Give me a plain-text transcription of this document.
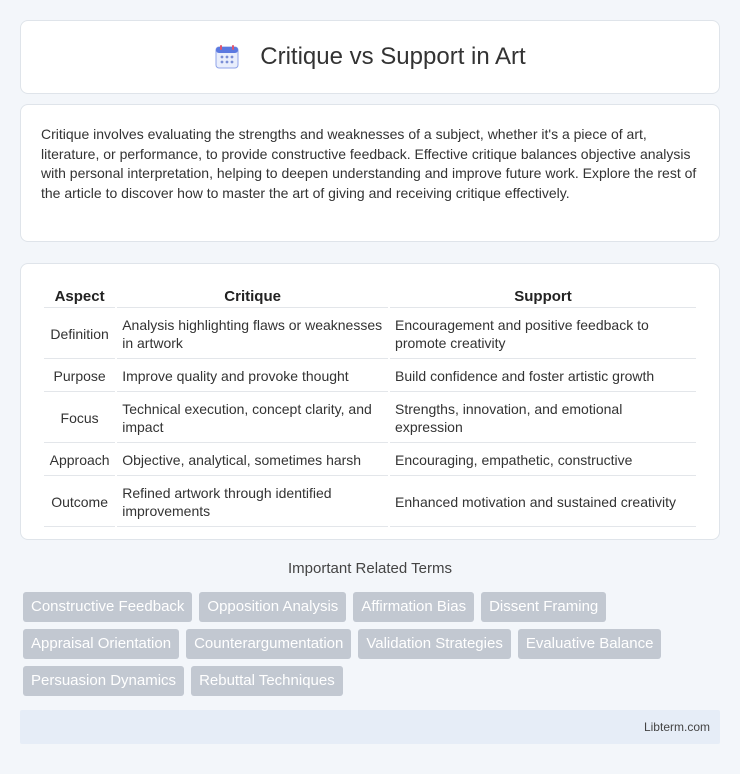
Critique vs Support in Art

Critique involves evaluating the strengths and weaknesses of a subject, whether it's a piece of art, literature, or performance, to provide constructive feedback. Effective critique balances objective analysis with personal interpretation, helping to deepen understanding and improve future work. Explore the rest of the article to discover how to master the art of giving and receiving critique effectively.

Aspect	Critique	Support
Definition	Analysis highlighting flaws or weaknesses in artwork	Encouragement and positive feedback to promote creativity
Purpose	Improve quality and provoke thought	Build confidence and foster artistic growth
Focus	Technical execution, concept clarity, and impact	Strengths, innovation, and emotional expression
Approach	Objective, analytical, sometimes harsh	Encouraging, empathetic, constructive
Outcome	Refined artwork through identified improvements	Enhanced motivation and sustained creativity
Important Related Terms
Constructive Feedback	Opposition Analysis	Affirmation Bias	Dissent Framing
Appraisal Orientation	Counterargumentation	Validation Strategies	Evaluative Balance
Persuasion Dynamics	Rebuttal Techniques
Libterm.com
